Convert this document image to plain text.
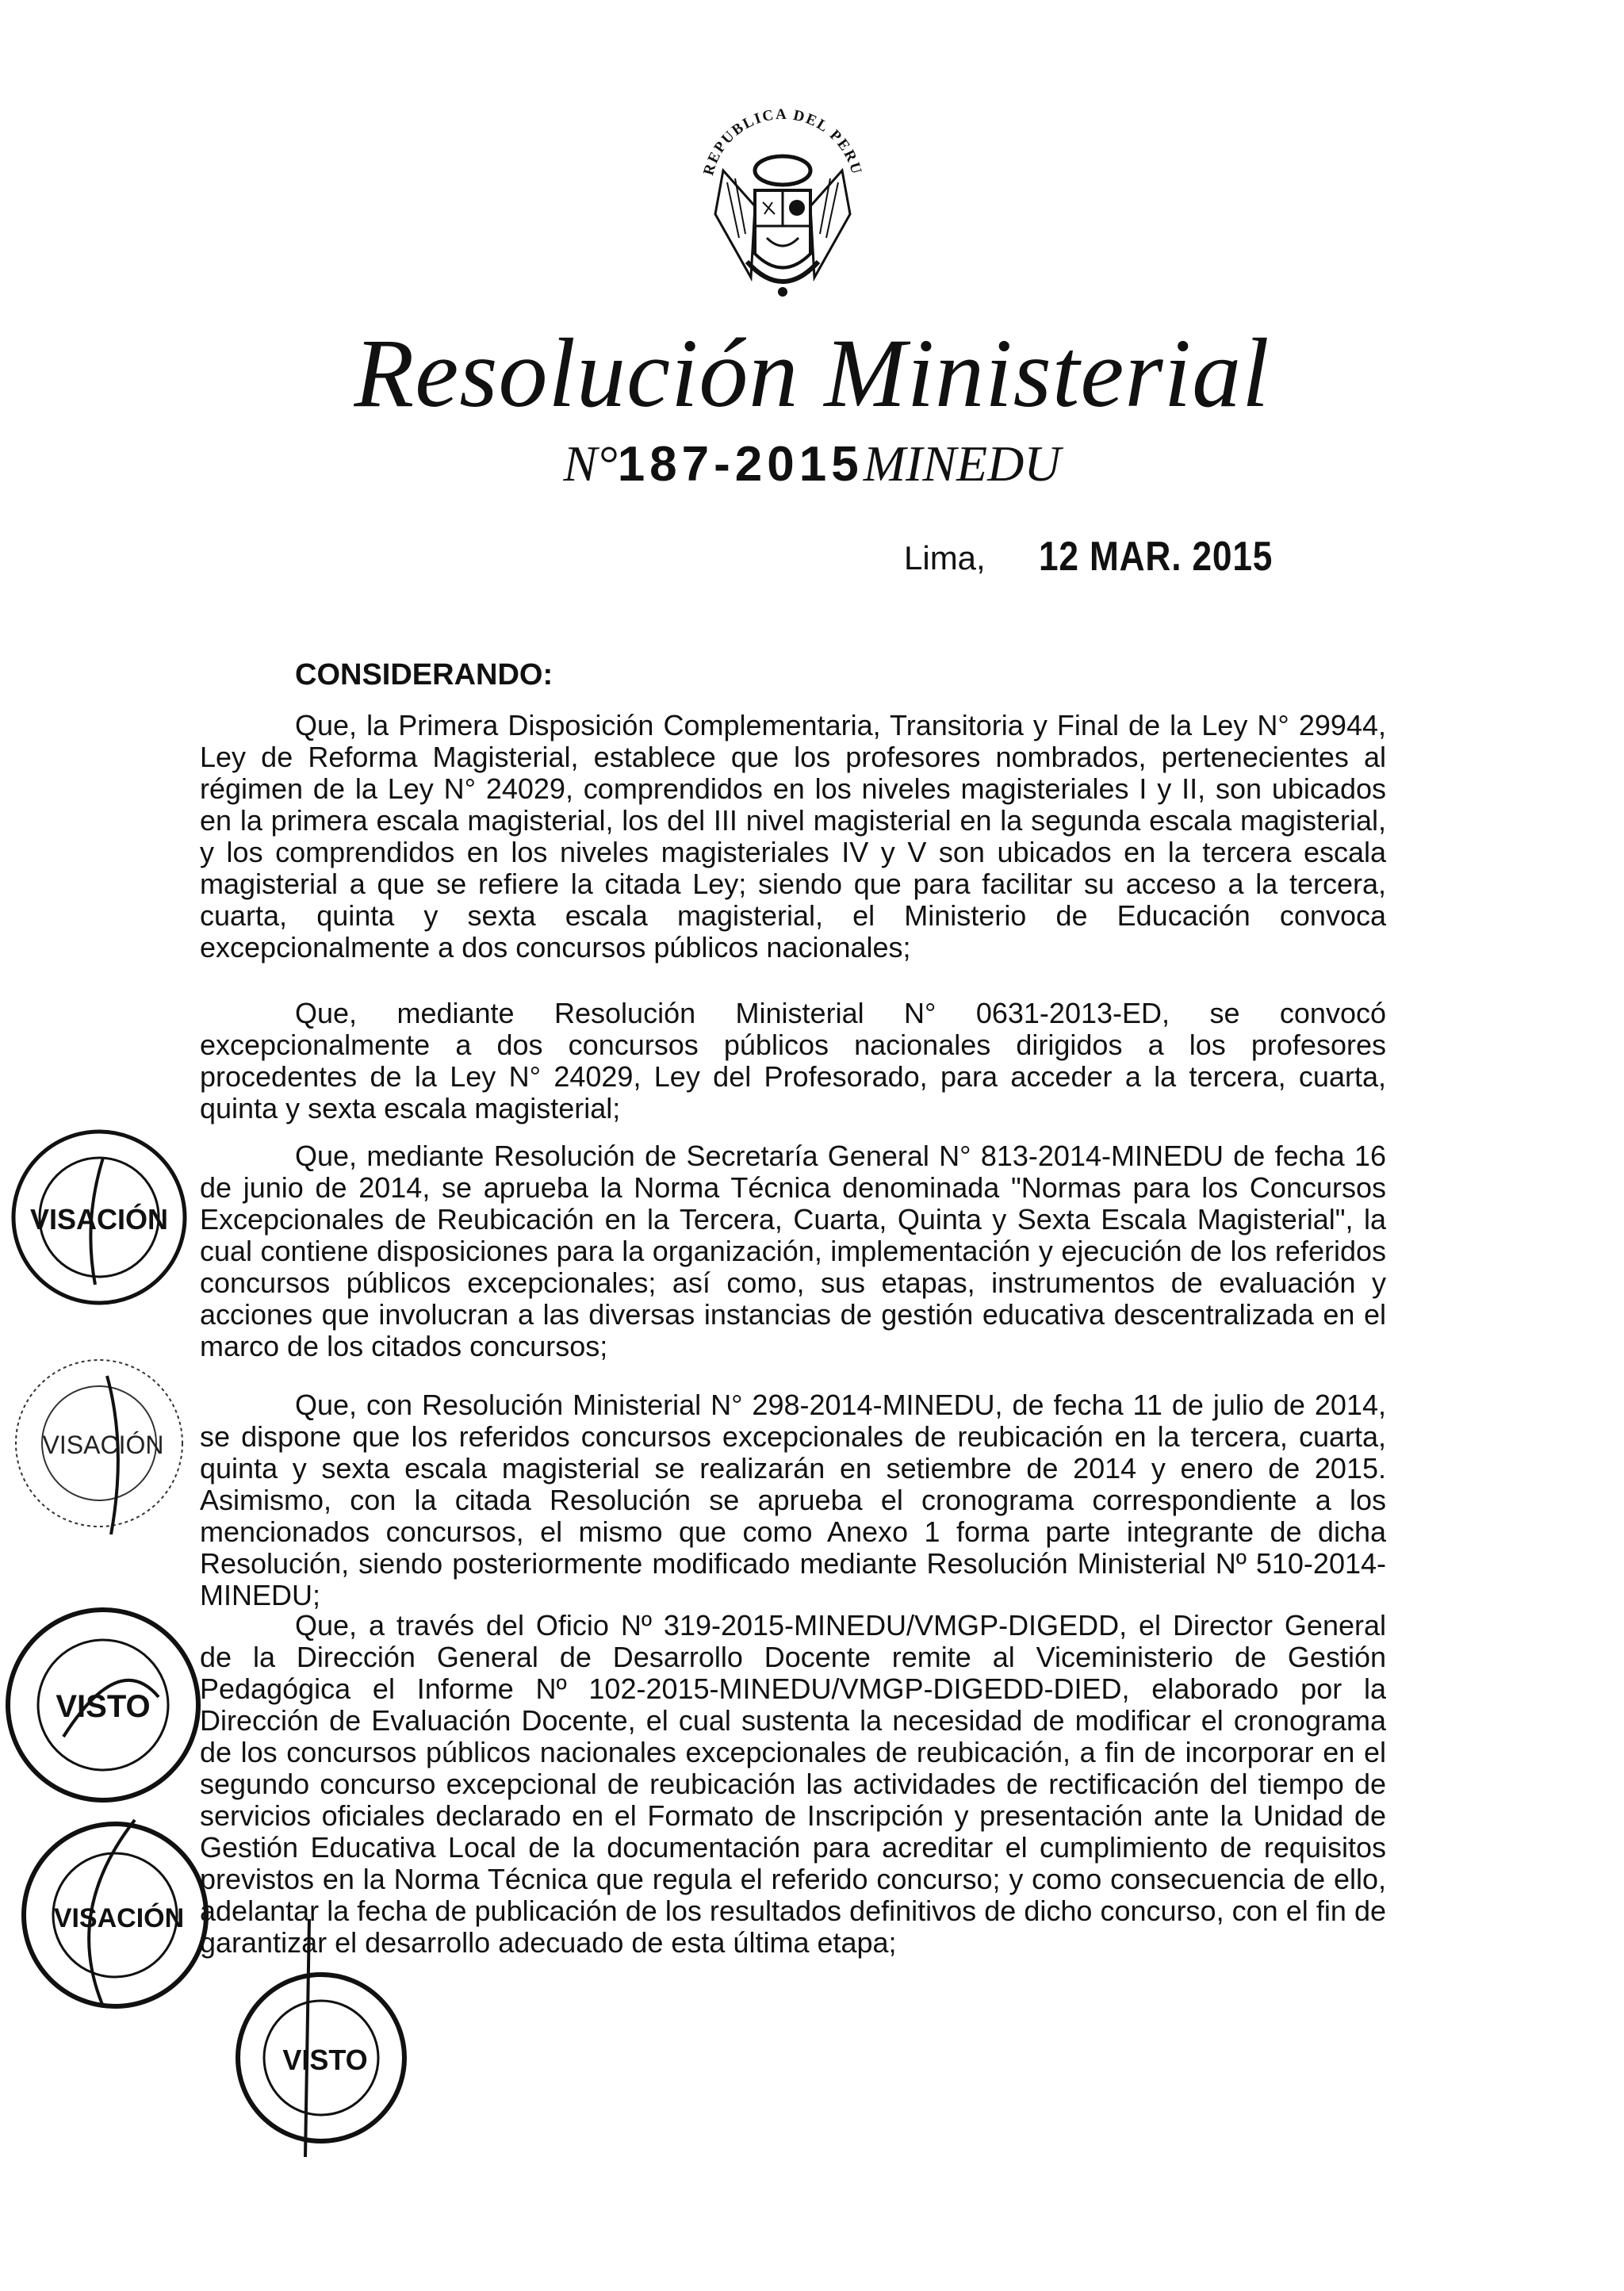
REPUBLICA DEL PERU
Resolución Ministerial
N°187-2015MINEDU
Lima, 12 MAR. 2015
CONSIDERANDO:
Que, la Primera Disposición Complementaria, Transitoria y Final de la Ley N° 29944, Ley de Reforma Magisterial, establece que los profesores nombrados, pertenecientes al régimen de la Ley N° 24029, comprendidos en los niveles magisteriales I y II, son ubicados en la primera escala magisterial, los del III nivel magisterial en la segunda escala magisterial, y los comprendidos en los niveles magisteriales IV y V son ubicados en la tercera escala magisterial a que se refiere la citada Ley; siendo que para facilitar su acceso a la tercera, cuarta, quinta y sexta escala magisterial, el Ministerio de Educación convoca excepcionalmente a dos concursos públicos nacionales;
Que, mediante Resolución Ministerial N° 0631-2013-ED, se convocó excepcionalmente a dos concursos públicos nacionales dirigidos a los profesores procedentes de la Ley N° 24029, Ley del Profesorado, para acceder a la tercera, cuarta, quinta y sexta escala magisterial;
Que, mediante Resolución de Secretaría General N° 813-2014-MINEDU de fecha 16 de junio de 2014, se aprueba la Norma Técnica denominada "Normas para los Concursos Excepcionales de Reubicación en la Tercera, Cuarta, Quinta y Sexta Escala Magisterial", la cual contiene disposiciones para la organización, implementación y ejecución de los referidos concursos públicos excepcionales; así como, sus etapas, instrumentos de evaluación y acciones que involucran a las diversas instancias de gestión educativa descentralizada en el marco de los citados concursos;
Que, con Resolución Ministerial N° 298-2014-MINEDU, de fecha 11 de julio de 2014, se dispone que los referidos concursos excepcionales de reubicación en la tercera, cuarta, quinta y sexta escala magisterial se realizarán en setiembre de 2014 y enero de 2015. Asimismo, con la citada Resolución se aprueba el cronograma correspondiente a los mencionados concursos, el mismo que como Anexo 1 forma parte integrante de dicha Resolución, siendo posteriormente modificado mediante Resolución Ministerial Nº 510-2014-MINEDU;
Que, a través del Oficio Nº 319-2015-MINEDU/VMGP-DIGEDD, el Director General de la Dirección General de Desarrollo Docente remite al Viceministerio de Gestión Pedagógica el Informe Nº 102-2015-MINEDU/VMGP-DIGEDD-DIED, elaborado por la Dirección de Evaluación Docente, el cual sustenta la necesidad de modificar el cronograma de los concursos públicos nacionales excepcionales de reubicación, a fin de incorporar en el segundo concurso excepcional de reubicación las actividades de rectificación del tiempo de servicios oficiales declarado en el Formato de Inscripción y presentación ante la Unidad de Gestión Educativa Local de la documentación para acreditar el cumplimiento de requisitos previstos en la Norma Técnica que regula el referido concurso; y como consecuencia de ello, adelantar la fecha de publicación de los resultados definitivos de dicho concurso, con el fin de garantizar el desarrollo adecuado de esta última etapa;
VISACIÓN
VISACIÓN
VISTO
VISACIÓN
VISTO
